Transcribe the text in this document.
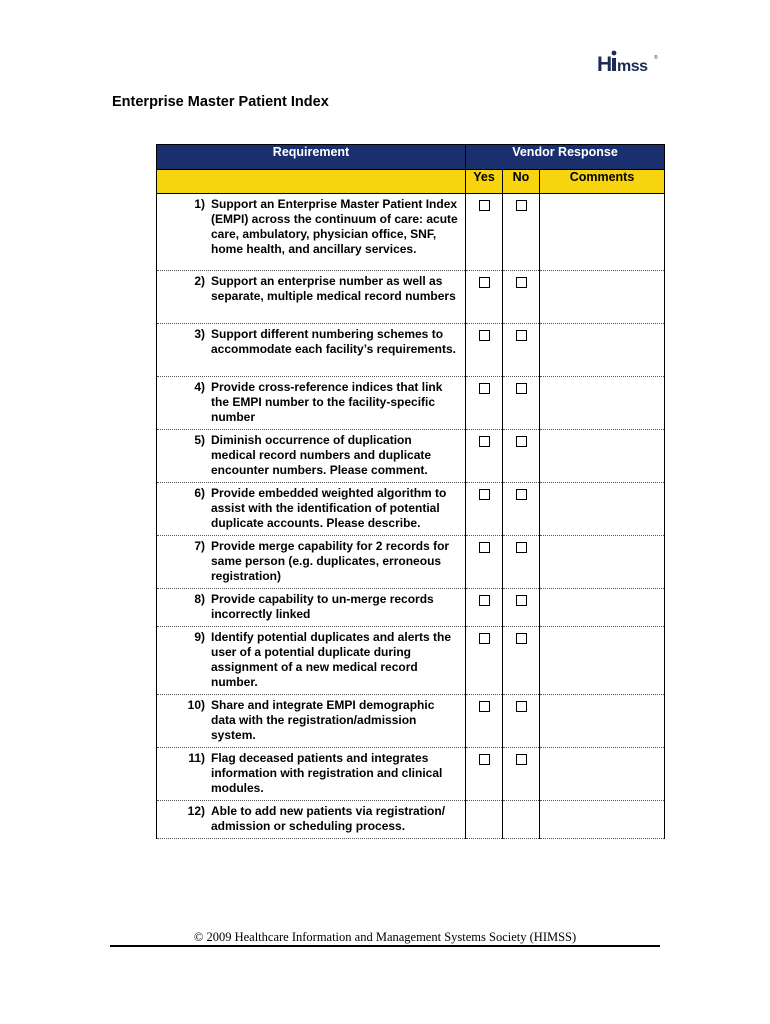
H mss ®
Enterprise Master Patient Index
Requirement	Vendor Response		
	Yes	No	Comments

1) Support an Enterprise Master Patient Index (EMPI) across the continuum of care: acute care, ambulatory, physician office, SNF, home health, and ancillary services.			

2) Support an enterprise number as well as separate, multiple medical record numbers			

3) Support different numbering schemes to accommodate each facility’s requirements.			

4) Provide cross-reference indices that link the EMPI number to the facility-specific number			

5) Diminish occurrence of duplication medical record numbers and duplicate encounter numbers. Please comment.			

6) Provide embedded weighted algorithm to assist with the identification of potential duplicate accounts. Please describe.			

7) Provide merge capability for 2 records for same person (e.g. duplicates, erroneous registration)			

8) Provide capability to un-merge records incorrectly linked			

9) Identify potential duplicates and alerts the user of a potential duplicate during assignment of a new medical record number.			

10) Share and integrate EMPI demographic data with the registration/admission system.			

11) Flag deceased patients and integrates information with registration and clinical modules.			

12) Able to add new patients via registration/ admission or scheduling process.			

© 2009 Healthcare Information and Management Systems Society (HIMSS)
